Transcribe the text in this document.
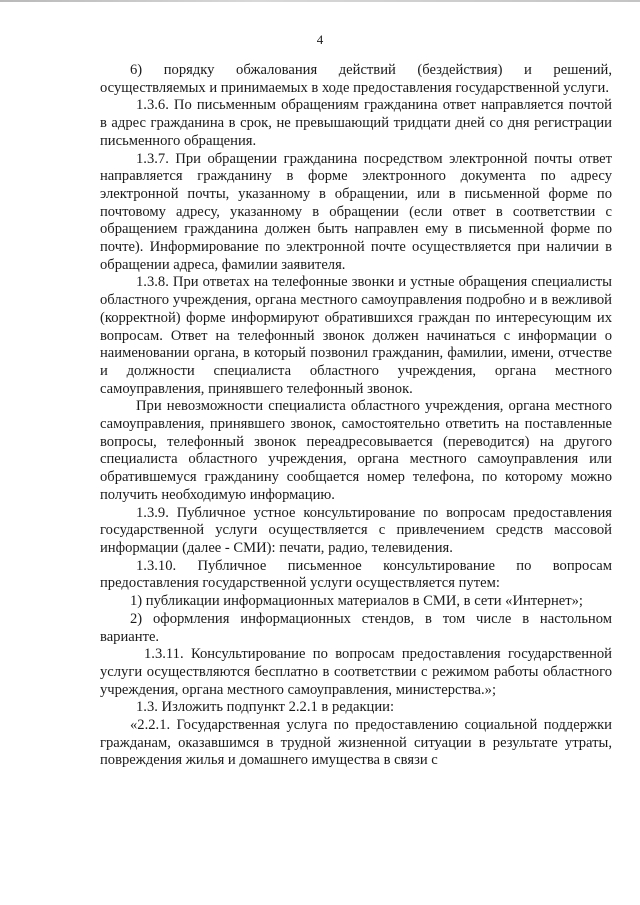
4

6) порядку обжалования действий (бездействия) и решений, осуществляемых и принимаемых в ходе предоставления государственной услуги.

1.3.6. По письменным обращениям гражданина ответ направляется почтой в адрес гражданина в срок, не превышающий тридцати дней со дня регистрации письменного обращения.

1.3.7. При обращении гражданина посредством электронной почты ответ направляется гражданину в форме электронного документа по адресу электронной почты, указанному в обращении, или в письменной форме по почтовому адресу, указанному в обращении (если ответ в соответствии с обращением гражданина должен быть направлен ему в письменной форме по почте). Информирование по электронной почте осуществляется при наличии в обращении адреса, фамилии заявителя.

1.3.8. При ответах на телефонные звонки и устные обращения специалисты областного учреждения, органа местного самоуправления подробно и в вежливой (корректной) форме информируют обратившихся граждан по интересующим их вопросам. Ответ на телефонный звонок должен начинаться с информации о наименовании органа, в который позвонил гражданин, фамилии, имени, отчестве и должности специалиста областного учреждения, органа местного самоуправления, принявшего телефонный звонок.

При невозможности специалиста областного учреждения, органа местного самоуправления, принявшего звонок, самостоятельно ответить на поставленные вопросы, телефонный звонок переадресовывается (переводится) на другого специалиста областного учреждения, органа местного самоуправления или обратившемуся гражданину сообщается номер телефона, по которому можно получить необходимую информацию.

1.3.9. Публичное устное консультирование по вопросам предоставления государственной услуги осуществляется с привлечением средств массовой информации (далее - СМИ): печати, радио, телевидения.

1.3.10. Публичное письменное консультирование по вопросам предоставления государственной услуги осуществляется путем:

1) публикации информационных материалов в СМИ, в сети «Интернет»;

2) оформления информационных стендов, в том числе в настольном варианте.

1.3.11. Консультирование по вопросам предоставления государственной услуги осуществляются бесплатно в соответствии с режимом работы областного учреждения, органа местного самоуправления, министерства.»;

1.3. Изложить подпункт 2.2.1 в редакции:

«2.2.1. Государственная услуга по предоставлению социальной поддержки гражданам, оказавшимся в трудной жизненной ситуации в результате утраты, повреждения жилья и домашнего имущества в связи с
